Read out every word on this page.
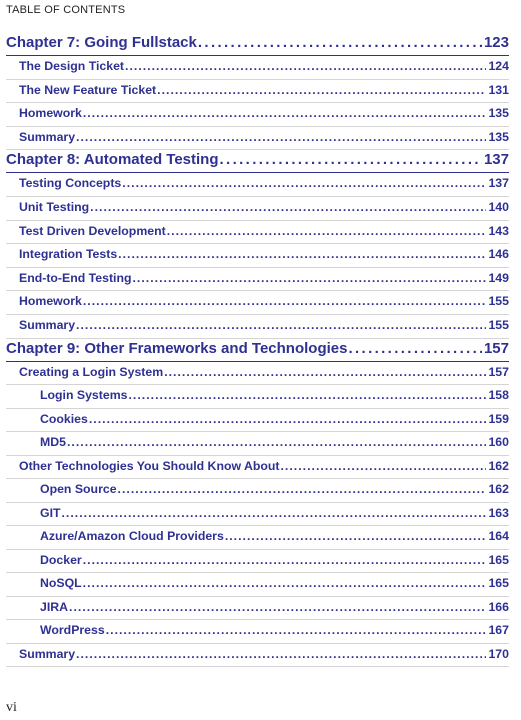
TABLE OF CONTENTS
Chapter 7: Going Fullstack . . .	123
The Design Ticket . . .	124
The New Feature Ticket . . .	131
Homework . . .	135
Summary . . .	135
Chapter 8: Automated Testing . . .	137
Testing Concepts . . .	137
Unit Testing . . .	140
Test Driven Development . . .	143
Integration Tests . . .	146
End-to-End Testing . . .	149
Homework . . .	155
Summary . . .	155
Chapter 9: Other Frameworks and Technologies . . .	157
Creating a Login System . . .	157
Login Systems . . .	158
Cookies . . .	159
MD5 . . .	160
Other Technologies You Should Know About . . .	162
Open Source . . .	162
GIT . . .	163
Azure/Amazon Cloud Providers . . .	164
Docker . . .	165
NoSQL . . .	165
JIRA . . .	166
WordPress . . .	167
Summary . . .	170
vi
